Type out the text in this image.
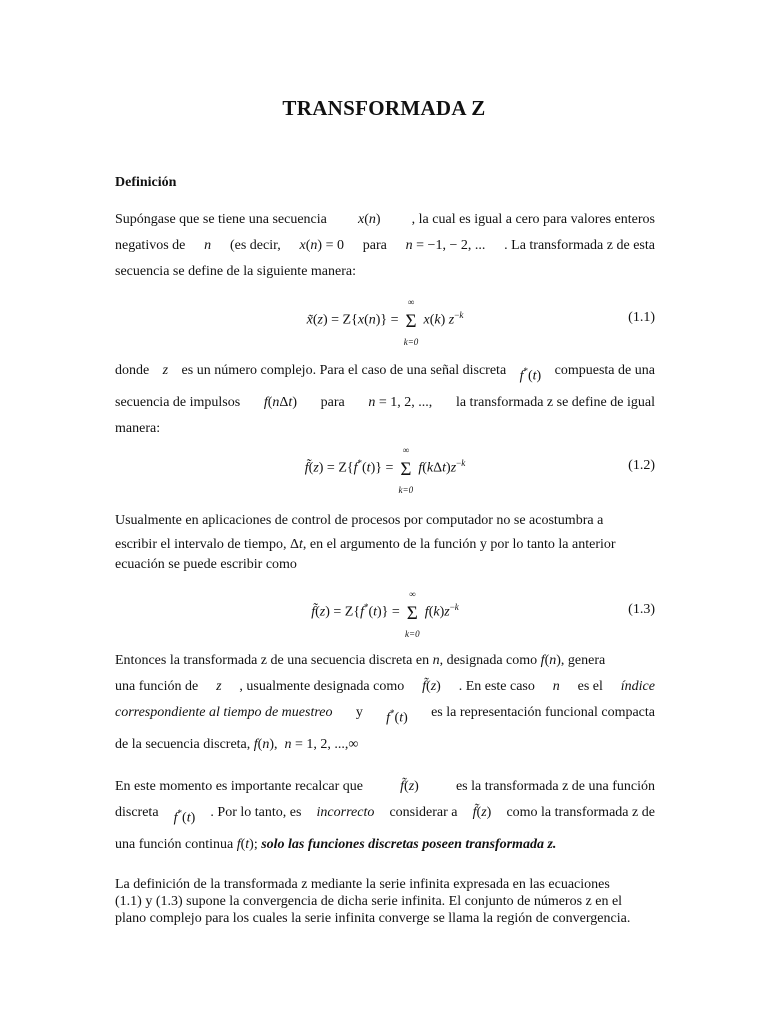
TRANSFORMADA Z
Definición
Supóngase que se tiene una secuencia x(n) , la cual es igual a cero para valores enteros
negativos de n (es decir, x(n) = 0 para n = −1, − 2, ... . La transformada z de esta
secuencia se define de la siguiente manera:
x̃(z) = Z{x(n)} =
∞
Σ
k=0
x(k) $z^{-k}$	(1.1)
donde z es un número complejo. Para el caso de una señal discreta f*(t) compuesta de una
secuencia de impulsos f(nΔt) para n = 1, 2, ..., la transformada z se define de igual
manera:
f̃(z) = Z{f*(t)} =
∞
Σ
k=0
$f(k\Delta t)z^{-k}$	(1.2)
Usualmente en aplicaciones de control de procesos por computador no se acostumbra a
escribir el intervalo de tiempo, Δt, en el argumento de la función y por lo tanto la anterior
ecuación se puede escribir como
f̃(z) = Z{f*(t)} =
∞
Σ
k=0
$f(k)z^{-k}$	(1.3)
Entonces la transformada z de una secuencia discreta en n, designada como f(n), genera
una función de z , usualmente designada como f̃(z) . En este caso n es el índice
correspondiente al tiempo de muestreo y f*(t) es la representación funcional compacta
de la secuencia discreta, f(n),  n = 1, 2, ...,∞
En este momento es importante recalcar que	f̃(z)	es la transformada z de una función
discreta f*(t) . Por lo tanto, es incorrecto considerar a f̃(z) como la transformada z de
una función continua f(t); solo las funciones discretas poseen transformada z.
La definición de la transformada z mediante la serie infinita expresada en las ecuaciones
(1.1) y (1.3) supone la convergencia de dicha serie infinita. El conjunto de números z en el
plano complejo para los cuales la serie infinita converge se llama la región de convergencia.
